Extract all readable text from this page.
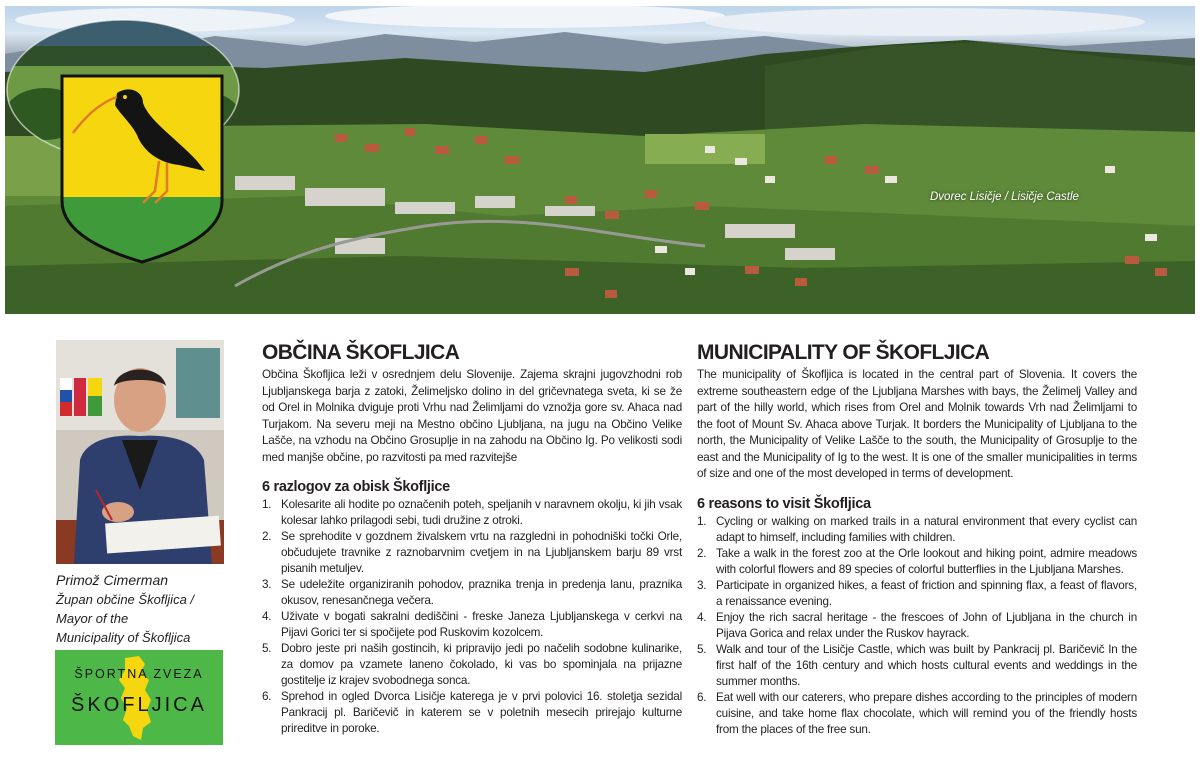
Dvorec Lisičje / Lisičje Castle
Primož Cimerman
Župan občine Škofljica /
Mayor of the
Municipality of Škofljica
ŠPORTNA ZVEZA
ŠKOFLJICA
OBČINA ŠKOFLJICA

Občina Škofljica leži v osrednjem delu Slovenije. Zajema skrajni jugovzhodni rob Ljubljanskega barja z zatoki, Želimeljsko dolino in del gričevnatega sveta, ki se že od Orel in Molnika dviguje proti Vrhu nad Želimljami do vznožja gore sv. Ahaca nad Turjakom. Na severu meji na Mestno občino Ljubljana, na jugu na Občino Velike Lašče, na vzhodu na Občino Grosuplje in na zahodu na Občino Ig. Po velikosti sodi med manjše občine, po razvitosti pa med razvitejše

6 razlogov za obisk Škofljice
1. Kolesarite ali hodite po označenih poteh, speljanih v naravnem okolju, ki jih vsak kolesar lahko prilagodi sebi, tudi družine z otroki.
2. Se sprehodite v gozdnem živalskem vrtu na razgledni in pohodniški točki Orle, občudujete travnike z raznobarvnim cvetjem in na Ljubljanskem barju 89 vrst pisanih metuljev.
3. Se udeležite organiziranih pohodov, praznika trenja in predenja lanu, praznika okusov, renesančnega večera.
4. Uživate v bogati sakralni dediščini - freske Janeza Ljubljanskega v cerkvi na Pijavi Gorici ter si spočijete pod Ruskovim kozolcem.
5. Dobro jeste pri naših gostincih, ki pripravijo jedi po načelih sodobne kulinarike, za domov pa vzamete laneno čokolado, ki vas bo spominjala na prijazne gostitelje iz krajev svobodnega sonca.
6. Sprehod in ogled Dvorca Lisičje katerega je v prvi polovici 16. stoletja sezidal Pankracij pl. Baričevič in katerem se v poletnih mesecih prirejajo kulturne prireditve in poroke.
MUNICIPALITY OF ŠKOFLJICA

The municipality of Škofljica is located in the central part of Slovenia. It covers the extreme southeastern edge of the Ljubljana Marshes with bays, the Želimelj Valley and part of the hilly world, which rises from Orel and Molnik towards Vrh nad Želimljami to the foot of Mount Sv. Ahaca above Turjak. It borders the Municipality of Ljubljana to the north, the Municipality of Velike Lašče to the south, the Municipality of Grosuplje to the east and the Municipality of Ig to the west. It is one of the smaller municipalities in terms of size and one of the most developed in terms of development.

6 reasons to visit Škofljica
1. Cycling or walking on marked trails in a natural environment that every cyclist can adapt to himself, including families with children.
2. Take a walk in the forest zoo at the Orle lookout and hiking point, admire meadows with colorful flowers and 89 species of colorful butterflies in the Ljubljana Marshes.
3. Participate in organized hikes, a feast of friction and spinning flax, a feast of flavors, a renaissance evening.
4. Enjoy the rich sacral heritage - the frescoes of John of Ljubljana in the church in Pijava Gorica and relax under the Ruskov hayrack.
5. Walk and tour of the Lisičje Castle, which was built by Pankracij pl. Baričevič In the first half of the 16th century and which hosts cultural events and weddings in the summer months.
6. Eat well with our caterers, who prepare dishes according to the principles of modern cuisine, and take home flax chocolate, which will remind you of the friendly hosts from the places of the free sun.
